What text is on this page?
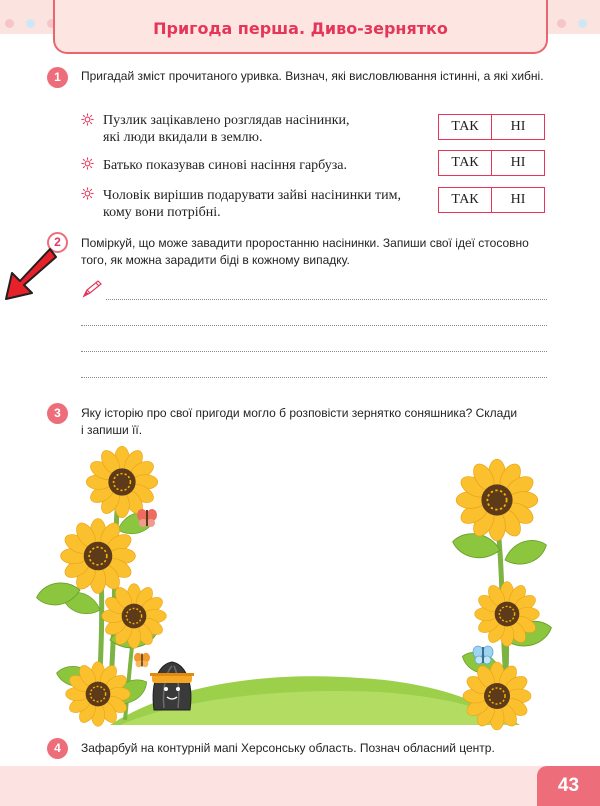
Пригода перша. Диво-зернятко
1	Пригадай зміст прочитаного уривка. Визнач, які висловлювання істинні, а які хибні.
Пузлик зацікавлено розглядав насінинки,
які люди вкидали в землю.
ТАК	НІ
Батько показував синові насіння гарбуза.	ТАК	НІ
Чоловік вирішив подарувати зайві насінинки тим,
кому вони потрібні.
ТАК	НІ
2	Поміркуй, що може завадити проростанню насінинки. Запиши свої ідеї стосовно
того, як можна зарадити біді в кожному випадку.
3	Яку історію про свої пригоди могло б розповісти зернятко соняшника? Склади
і запиши її.
4	Зафарбуй на контурній мапі Херсонську область. Познач обласний центр.
43
